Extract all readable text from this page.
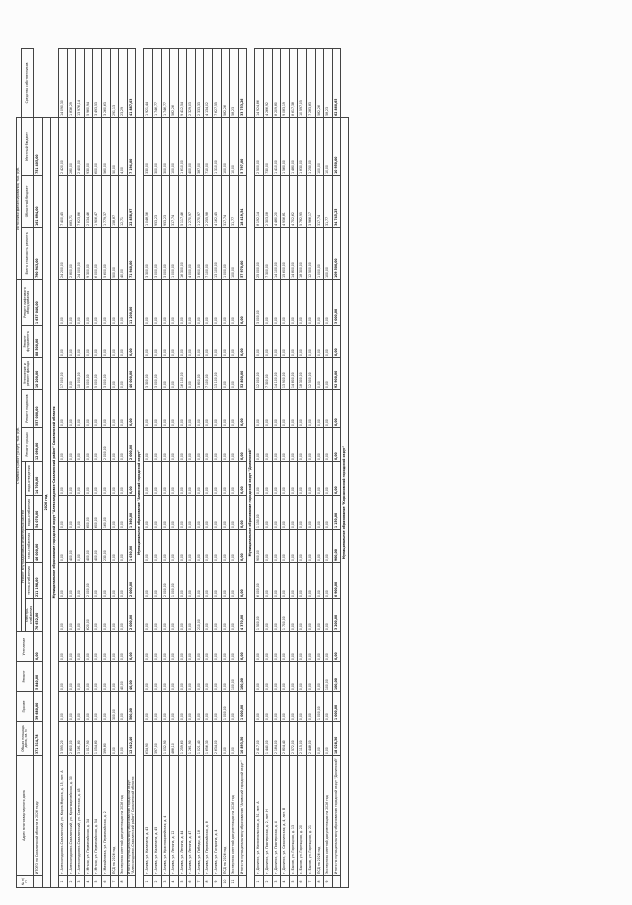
№ п/п	Адрес многоквартирного дома	Общая площадь дома, кв. м	Прочее	Ремонт	Утепление	Стоимость работ (услуг), тыс. руб.										Источники финансирования, тыс. руб.			
						Ремонт внутридомовых инженерных систем					Ремонт крыши	Ремонт подвалов	Утепление и ремонт фасада	Ремонт фундамента	Ремонт лифтового оборудования	Всего стоимость ремонта	Областной бюджет	Местный бюджет	Средства собственников
						электро-снабжения	тепло-снабжения	газо-снабжения	водо-снабжения	водо-отведения									
	ИТОГО по Сахалинской области в 2026 году:	371 314,78	39 680,00	5 840,00	0,00	70 632,00	211 198,00	46 000,00	54 070,00	14 700,00	12 090,00	557 000,00	10 200,00	88 500,00	1 637 040,00	790 943,00	161 694,00	751 405,00	
2026 год																			
Муниципальное образование городской округ "Александровск-Сахалинский район" Сахалинской области																			
1	г. Александровск-Сахалинский, ул. Карла Маркса, д. 15, лит. А	3 595,20	0,00	0,00	0,00	0,00	0,00	0,00	0,00	0,00	0,00	0,00	17 000,00	0,00	0,00	24 200,00	7 400,45	2 420,00	14 090,30
2	г. Александровск-Сахалинский, ул. Красноармейская, д. 30	2 800,00	0,00	0,00	0,00	0,00	0,00	400,00	0,00	0,00	0,00	0,00	0,00	0,00	0,00	2 800,00	683,71	280,00	1 836,29
3	г. Александровск-Сахалинский, ул. Советская, д. 45	3 181,80	0,00	0,00	0,00	0,00	0,00	0,00	0,00	0,00	0,00	0,00	10 000,00	0,00	0,00	24 000,00	7 623,86	2 400,00	13 976,14
4	г. Мгачи, ул. Первомайская, д. 34	1 017,90	0,00	0,00	0,00	620,00	2 000,00	400,00	600,00	0,00	0,00	0,00	5 000,00	0,00	0,00	9 300,00	2 034,46	930,00	5 960,94
5	г. Мгачи, ул. Первомайская, д. 54	1 054,80	0,00	0,00	0,00	0,00	0,00	400,00	600,00	0,00	0,00	0,00	5 000,00	0,00	0,00	6 000,00	1 906,47	600,00	3 493,53
6	г. Михайловка, ул. Первомайская, д. 2	399,80	0,00	0,00	0,00	0,00	0,00	230,00	160,00	0,00	2 000,00	0,00	3 000,00	0,00	0,00	5 600,00	1 779,37	560,00	3 260,63
7	ПСД на 2026 год	0,00	300,00	0,00	0,00	0,00	0,00	0,00	0,00	0,00	0,00	0,00	0,00	0,00	0,00	500,00	158,87	50,00	291,13
8	Экспертиза сметной документации на 2026 год	0,00	0,00	40,00	0,00	0,00	0,00	0,00	0,00	0,00	0,00	0,00	0,00	0,00	0,00	40,00	12,71	4,00	23,29
	Итого по муниципальному образованию городской округ "Александровск-Сахалинский район" Сахалинской области	12 042,40	500,00	40,00	0,00	2 000,00	2 000,00	1 030,00	1 360,00	0,00	2 000,00	0,00	40 000,00	0,00	11 200,00	71 940,00	22 858,97	7 194,00	41 887,03
Муниципальное образование "Анивский городской округ"																			
1	г. Анива, ул. Калинина, д. 43	634,90	0,00	0,00	0,00	0,00	0,00	0,00	0,00	0,00	0,00	0,00	3 300,00	0,00	0,00	3 300,00	1 048,56	330,00	1 921,44
2	г. Анива, ул. Калинина, д. 45	397,00	0,00	0,00	0,00	0,00	0,00	0,00	0,00	0,00	0,00	0,00	3 000,00	0,00	0,00	3 000,00	953,23	300,00	1 746,77
3	г. Анива, ул. Красноармейская, д. 4	1 032,90	0,00	0,00	0,00	0,00	2 000,00	0,00	0,00	0,00	0,00	0,00	0,00	0,00	0,00	3 000,00	953,23	300,00	1 746,77
4	г. Анива, ул. Ленина, д. 12	488,10	0,00	0,00	0,00	0,00	1 000,00	0,00	0,00	0,00	0,00	0,00	0,00	0,00	0,00	1 000,00	317,74	100,00	582,26
5	г. Анива, ул. Ленина, д. 44	1 259,60	0,00	0,00	0,00	0,00	0,00	0,00	0,00	0,00	0,00	0,00	16 100,00	0,00	0,00	16 300,00	5 117,46	1 610,00	9 412,54
6	г. Анива, ул. Ленина, д. 47	1 261,90	0,00	0,00	0,00	0,00	0,00	0,00	0,00	0,00	0,00	0,00	0,00	0,00	0,00	4 000,00	1 270,97	400,00	2 329,03
7	г. Анива, ул. Победы, д. 18	1 021,40	0,00	0,00	0,00	210,00	0,00	0,00	0,00	0,00	0,00	0,00	3 800,00	0,00	0,00	3 800,00	1 270,97	387,00	2 333,33
8	г. Анива, ул. Первомайская, д. 8	1 656,30	0,00	0,00	0,00	0,00	0,00	0,00	0,00	0,00	0,00	0,00	7 100,00	0,00	0,00	7 100,00	2 255,98	710,00	4 134,02
9	г. Анива, ул. Гагарина, д. 4	2 634,00	0,00	0,00	0,00	0,00	0,00	0,00	0,00	0,00	0,00	0,00	13 100,00	0,00	0,00	13 100,00	4 162,45	1 310,00	7 627,55
10	ПСД на 2026 год	0,00	1 000,00	0,00	0,00	0,00	0,00	0,00	0,00	0,00	0,00	0,00	0,00	0,00	0,00	1 000,00	317,74	100,00	582,26
11	Экспертиза сметной документации на 2026 год	0,00	0,00	100,00	0,00	0,00	0,00	0,00	0,00	0,00	0,00	0,00	0,00	0,00	0,00	100,00	31,77	10,00	58,23
	Итого по муниципальному образованию "Анивский городской округ"	10 893,50	1 000,00	100,00	0,00	4 370,00	0,00	0,00	0,00	0,00	0,00	0,00	52 800,00	0,00	0,00	57 970,00	18 419,54	5 797,00	33 753,26
Муниципальное образование городской округ "Долинский"																			
1	г. Долинск, ул. Комсомольская, д. 51, лит. А	2 417,00	0,00	0,00	0,00	1 500,00	6 000,00	900,00	1 150,00	0,00	0,00	0,00	12 000,00	0,00	3 000,00	25 000,00	8 192,14	2 500,00	14 924,86
2	г. Долинск, ул. Пионерская, д. 2, лит. Н	1 440,00	0,00	0,00	0,00	0,00	0,00	0,00	0,00	0,00	0,00	0,00	7 300,00	0,00	0,00	7 300,00	2 303,08	730,00	4 266,92
3	г. Долинск, ул. Пионерская, д. 4	2 184,00	0,00	0,00	0,00	0,00	0,00	0,00	0,00	0,00	0,00	0,00	14 100,00	0,00	0,00	14 100,00	4 480,20	1 410,00	8 209,80
4	г. Долинск, ул. Сахалинская, д. 4, лит. В	2 804,40	0,00	0,00	0,00	1 700,00	0,00	0,00	0,00	0,00	0,00	0,00	13 900,00	0,00	0,00	15 600,00	4 956,81	1 560,00	9 083,19
5	с. Быков, ул. Горняцкая, д. 13	2 572,00	0,00	0,00	0,00	0,00	0,00	0,00	0,00	0,00	0,00	0,00	14 800,00	0,00	0,00	14 800,00	4 702,62	1 480,00	8 617,38
6	с. Быков, ул. Горняцкая, д. 20	2 115,00	0,00	0,00	0,00	0,00	0,00	0,00	0,00	0,00	0,00	0,00	18 300,00	0,00	0,00	18 300,00	5 782,95	1 830,00	10 597,05
7	с. Быков, ул. Горняцкая, д. 21	2 448,00	0,00	0,00	0,00	0,00	0,00	0,00	0,00	0,00	0,00	0,00	12 500,00	0,00	0,00	12 500,00	3 966,17	1 250,00	7 283,83
8	ПСД на 2026 год	0,00	1 000,00	0,00	0,00	0,00	0,00	0,00	0,00	0,00	0,00	0,00	0,00	0,00	0,00	1 000,00	317,74	100,00	582,26
9	Экспертиза сметной документации на 2026 год	0,00	0,00	100,00	0,00	0,00	0,00	0,00	0,00	0,00	0,00	0,00	0,00	0,00	0,00	100,00	31,77	10,00	58,23
	Итого по муниципальному образованию городской округ "Долинский"	18 028,30	1 000,00	100,00	0,00	3 200,00	6 900,00	900,00	1 150,00	0,00	0,00	0,00	92 900,00	0,00	3 000,00	109 500,00	34 745,25	10 950,00	62 860,65
Муниципальное образование "Корсаковский городской округ"																			
